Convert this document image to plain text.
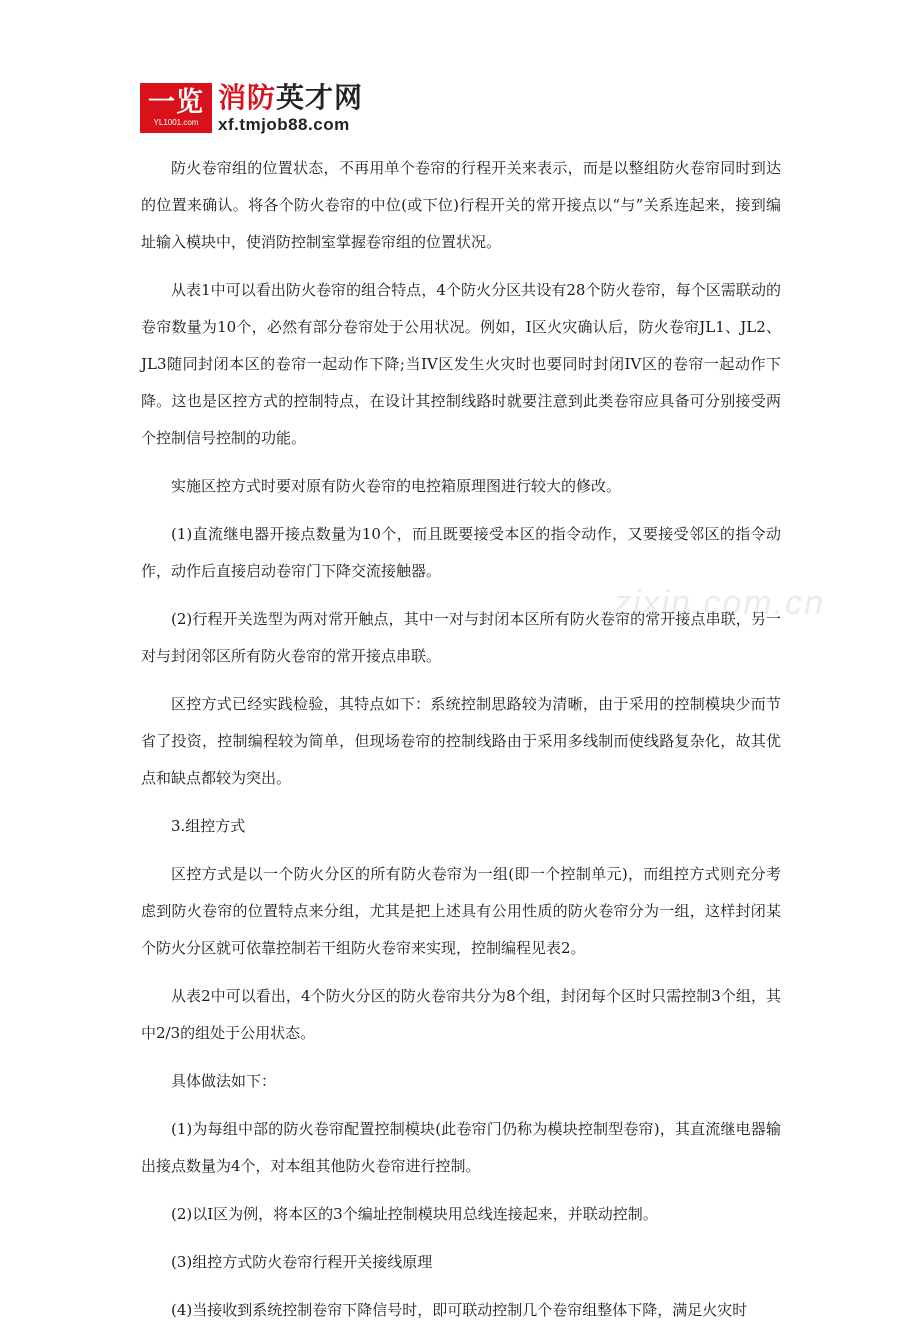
一览
YL1001.com
消防英才网
xf.tmjob88.com
zixin.com.cn

防火卷帘组的位置状态，不再用单个卷帘的行程开关来表示，而是以整组防火卷帘同时到达的位置来确认。将各个防火卷帘的中位(或下位)行程开关的常开接点以“与”关系连起来，接到编址输入模块中，使消防控制室掌握卷帘组的位置状况。

从表1中可以看出防火卷帘的组合特点，4个防火分区共设有28个防火卷帘，每个区需联动的卷帘数量为10个，必然有部分卷帘处于公用状况。例如，I区火灾确认后，防火卷帘JL1、JL2、JL3随同封闭本区的卷帘一起动作下降;当IV区发生火灾时也要同时封闭IV区的卷帘一起动作下降。这也是区控方式的控制特点，在设计其控制线路时就要注意到此类卷帘应具备可分别接受两个控制信号控制的功能。

实施区控方式时要对原有防火卷帘的电控箱原理图进行较大的修改。

(1)直流继电器开接点数量为10个，而且既要接受本区的指令动作，又要接受邻区的指令动作，动作后直接启动卷帘门下降交流接触器。

(2)行程开关选型为两对常开触点，其中一对与封闭本区所有防火卷帘的常开接点串联，另一对与封闭邻区所有防火卷帘的常开接点串联。

区控方式已经实践检验，其特点如下：系统控制思路较为清晰，由于采用的控制模块少而节省了投资，控制编程较为简单，但现场卷帘的控制线路由于采用多线制而使线路复杂化，故其优点和缺点都较为突出。

3.组控方式

区控方式是以一个防火分区的所有防火卷帘为一组(即一个控制单元)，而组控方式则充分考虑到防火卷帘的位置特点来分组，尤其是把上述具有公用性质的防火卷帘分为一组，这样封闭某个防火分区就可依靠控制若干组防火卷帘来实现，控制编程见表2。

从表2中可以看出，4个防火分区的防火卷帘共分为8个组，封闭每个区时只需控制3个组，其中2/3的组处于公用状态。

具体做法如下：

(1)为每组中部的防火卷帘配置控制模块(此卷帘门仍称为模块控制型卷帘)，其直流继电器输出接点数量为4个，对本组其他防火卷帘进行控制。

(2)以I区为例，将本区的3个编址控制模块用总线连接起来，并联动控制。

(3)组控方式防火卷帘行程开关接线原理

(4)当接收到系统控制卷帘下降信号时，即可联动控制几个卷帘组整体下降，满足火灾时
